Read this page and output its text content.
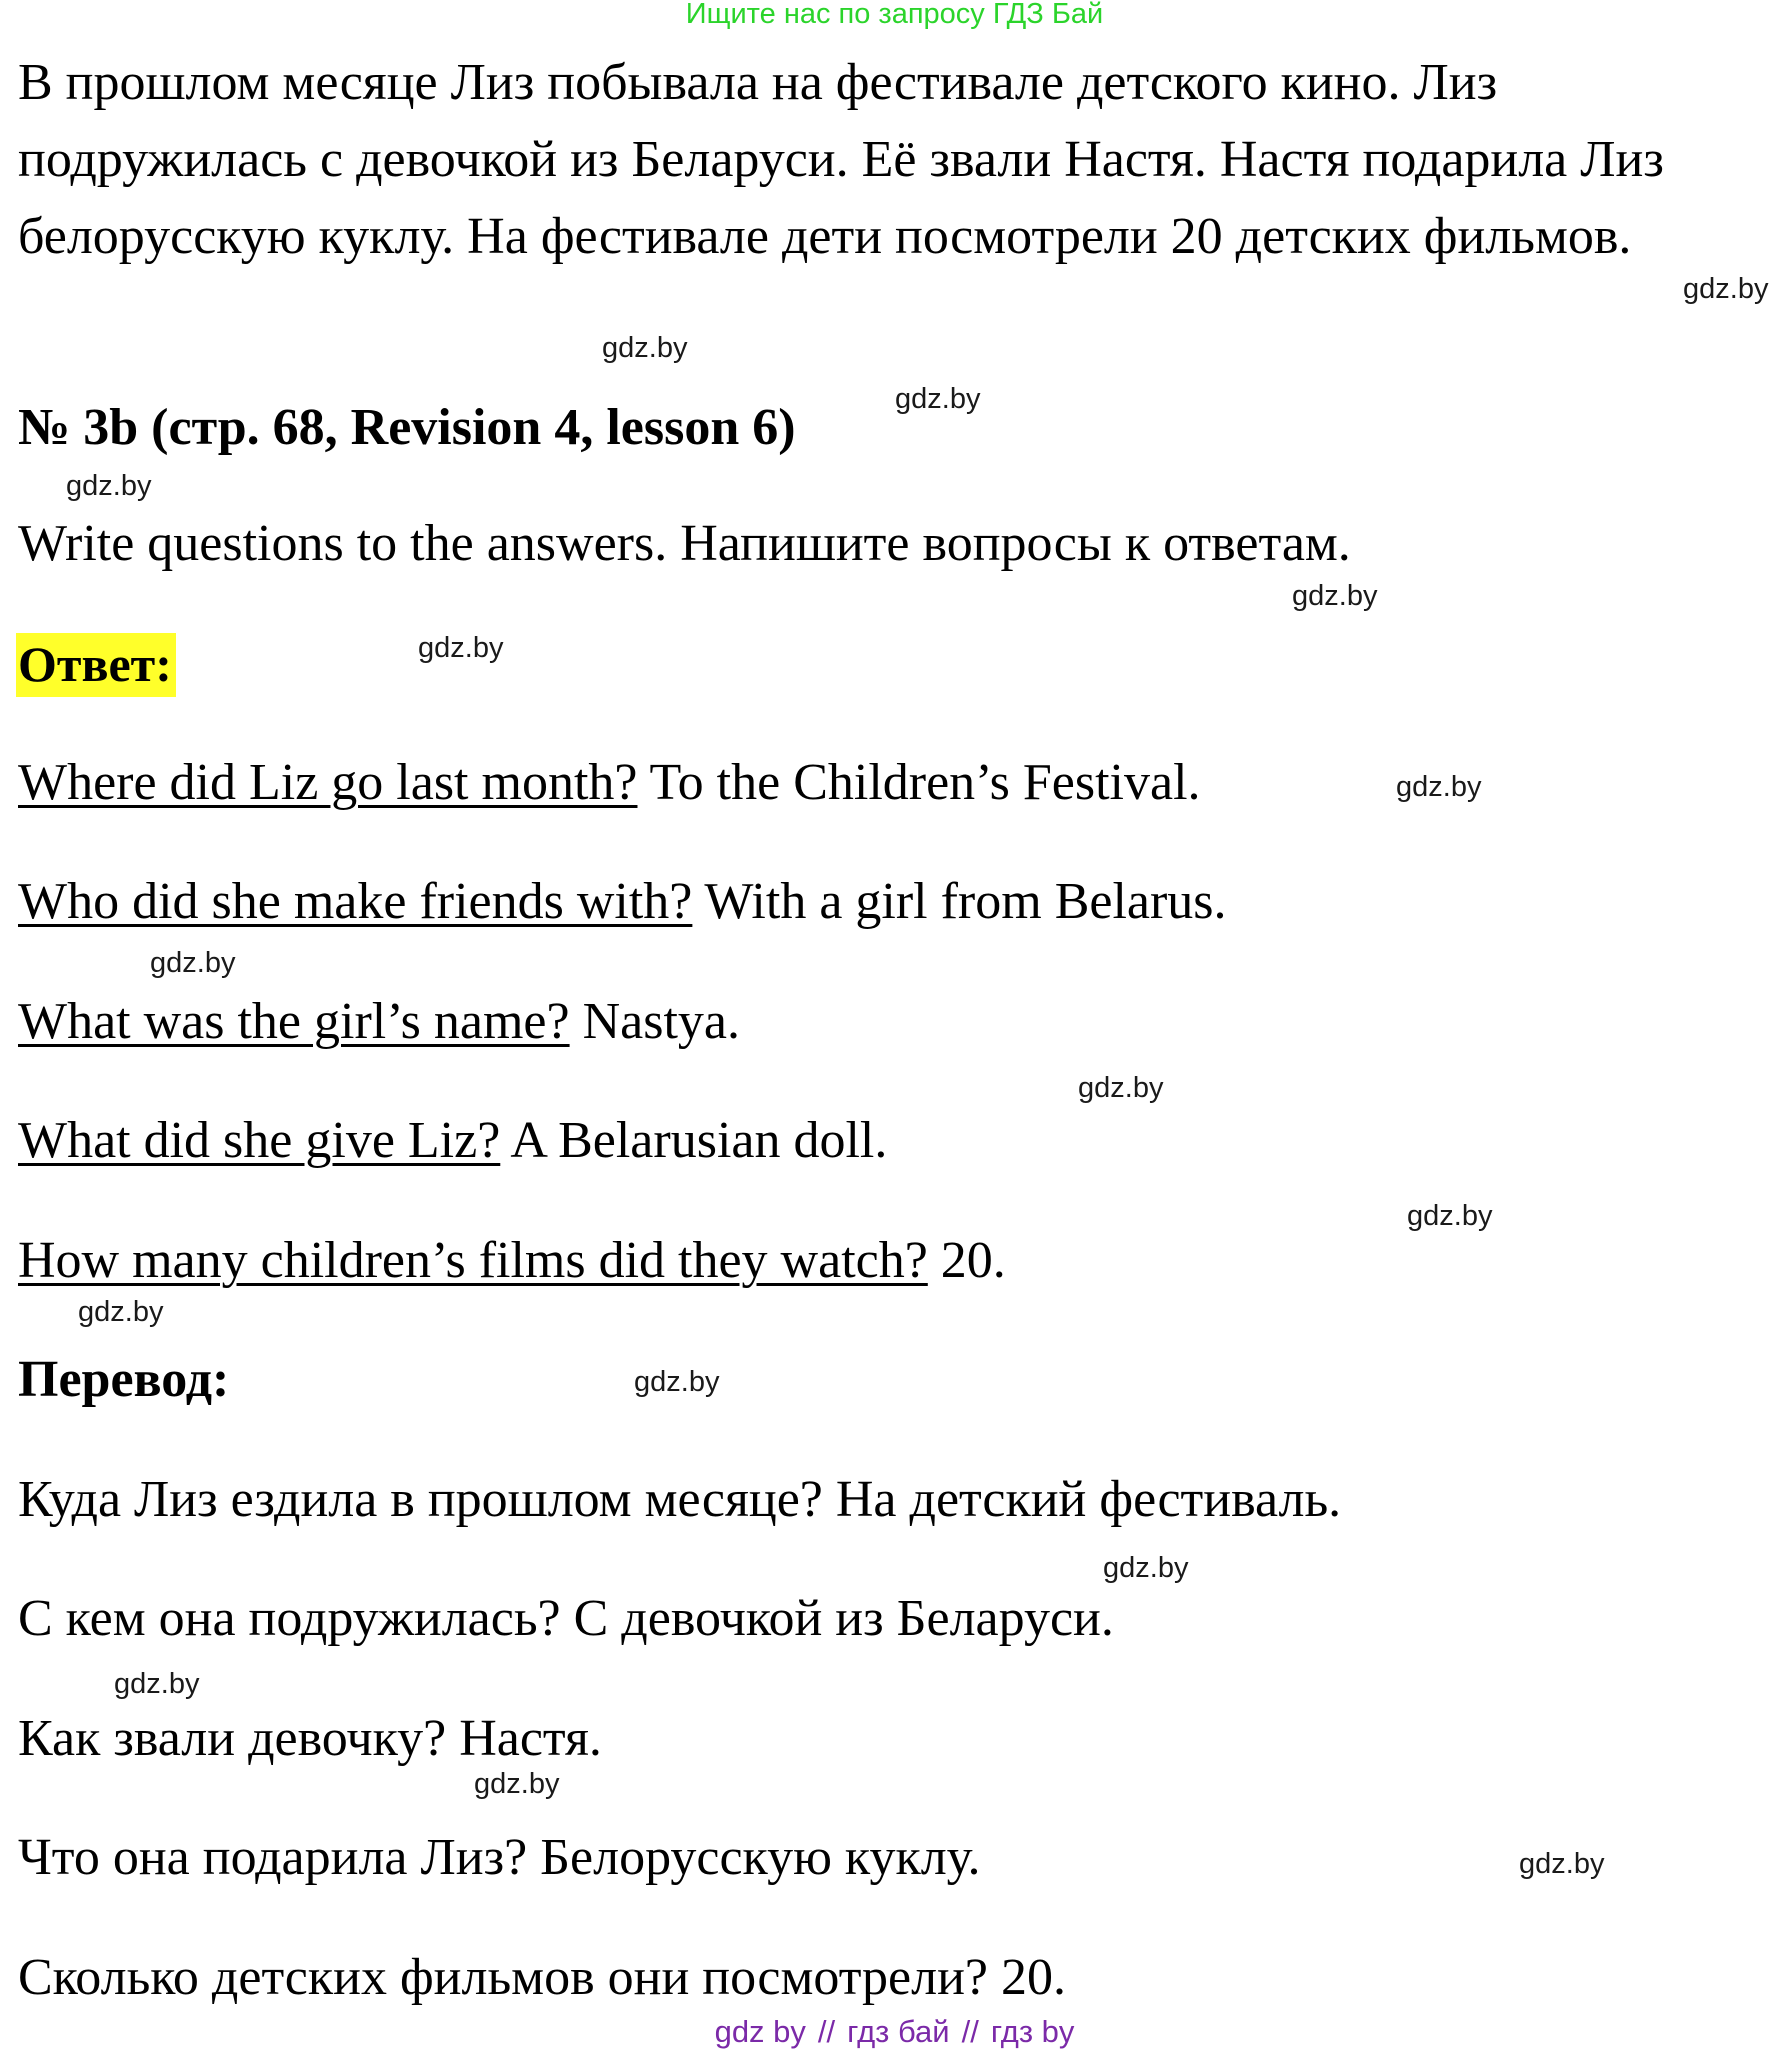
Ищите нас по запросу ГДЗ Бай
В прошлом месяце Лиз побывала на фестивале детского кино. Лиз подружилась с девочкой из Беларуси. Её звали Настя. Настя подарила Лиз белорусскую куклу. На фестивале дети посмотрели 20 детских фильмов.
№ 3b (стр. 68, Revision 4, lesson 6)
Write questions to the answers. Напишите вопросы к ответам.
Ответ:
Where did Liz go last month? To the Children’s Festival.
Who did she make friends with? With a girl from Belarus.
What was the girl’s name? Nastya.
What did she give Liz? A Belarusian doll.
How many children’s films did they watch? 20.
Перевод:
Куда Лиз ездила в прошлом месяце? На детский фестиваль.
С кем она подружилась? С девочкой из Беларуси.
Как звали девочку? Настя.
Что она подарила Лиз? Белорусскую куклу.
Сколько детских фильмов они посмотрели? 20.
gdz.by
gdz.by
gdz.by
gdz.by
gdz.by
gdz.by
gdz.by
gdz.by
gdz.by
gdz.by
gdz.by
gdz.by
gdz.by
gdz.by
gdz.by
gdz.by
gdz by // гдз бай // гдз by
